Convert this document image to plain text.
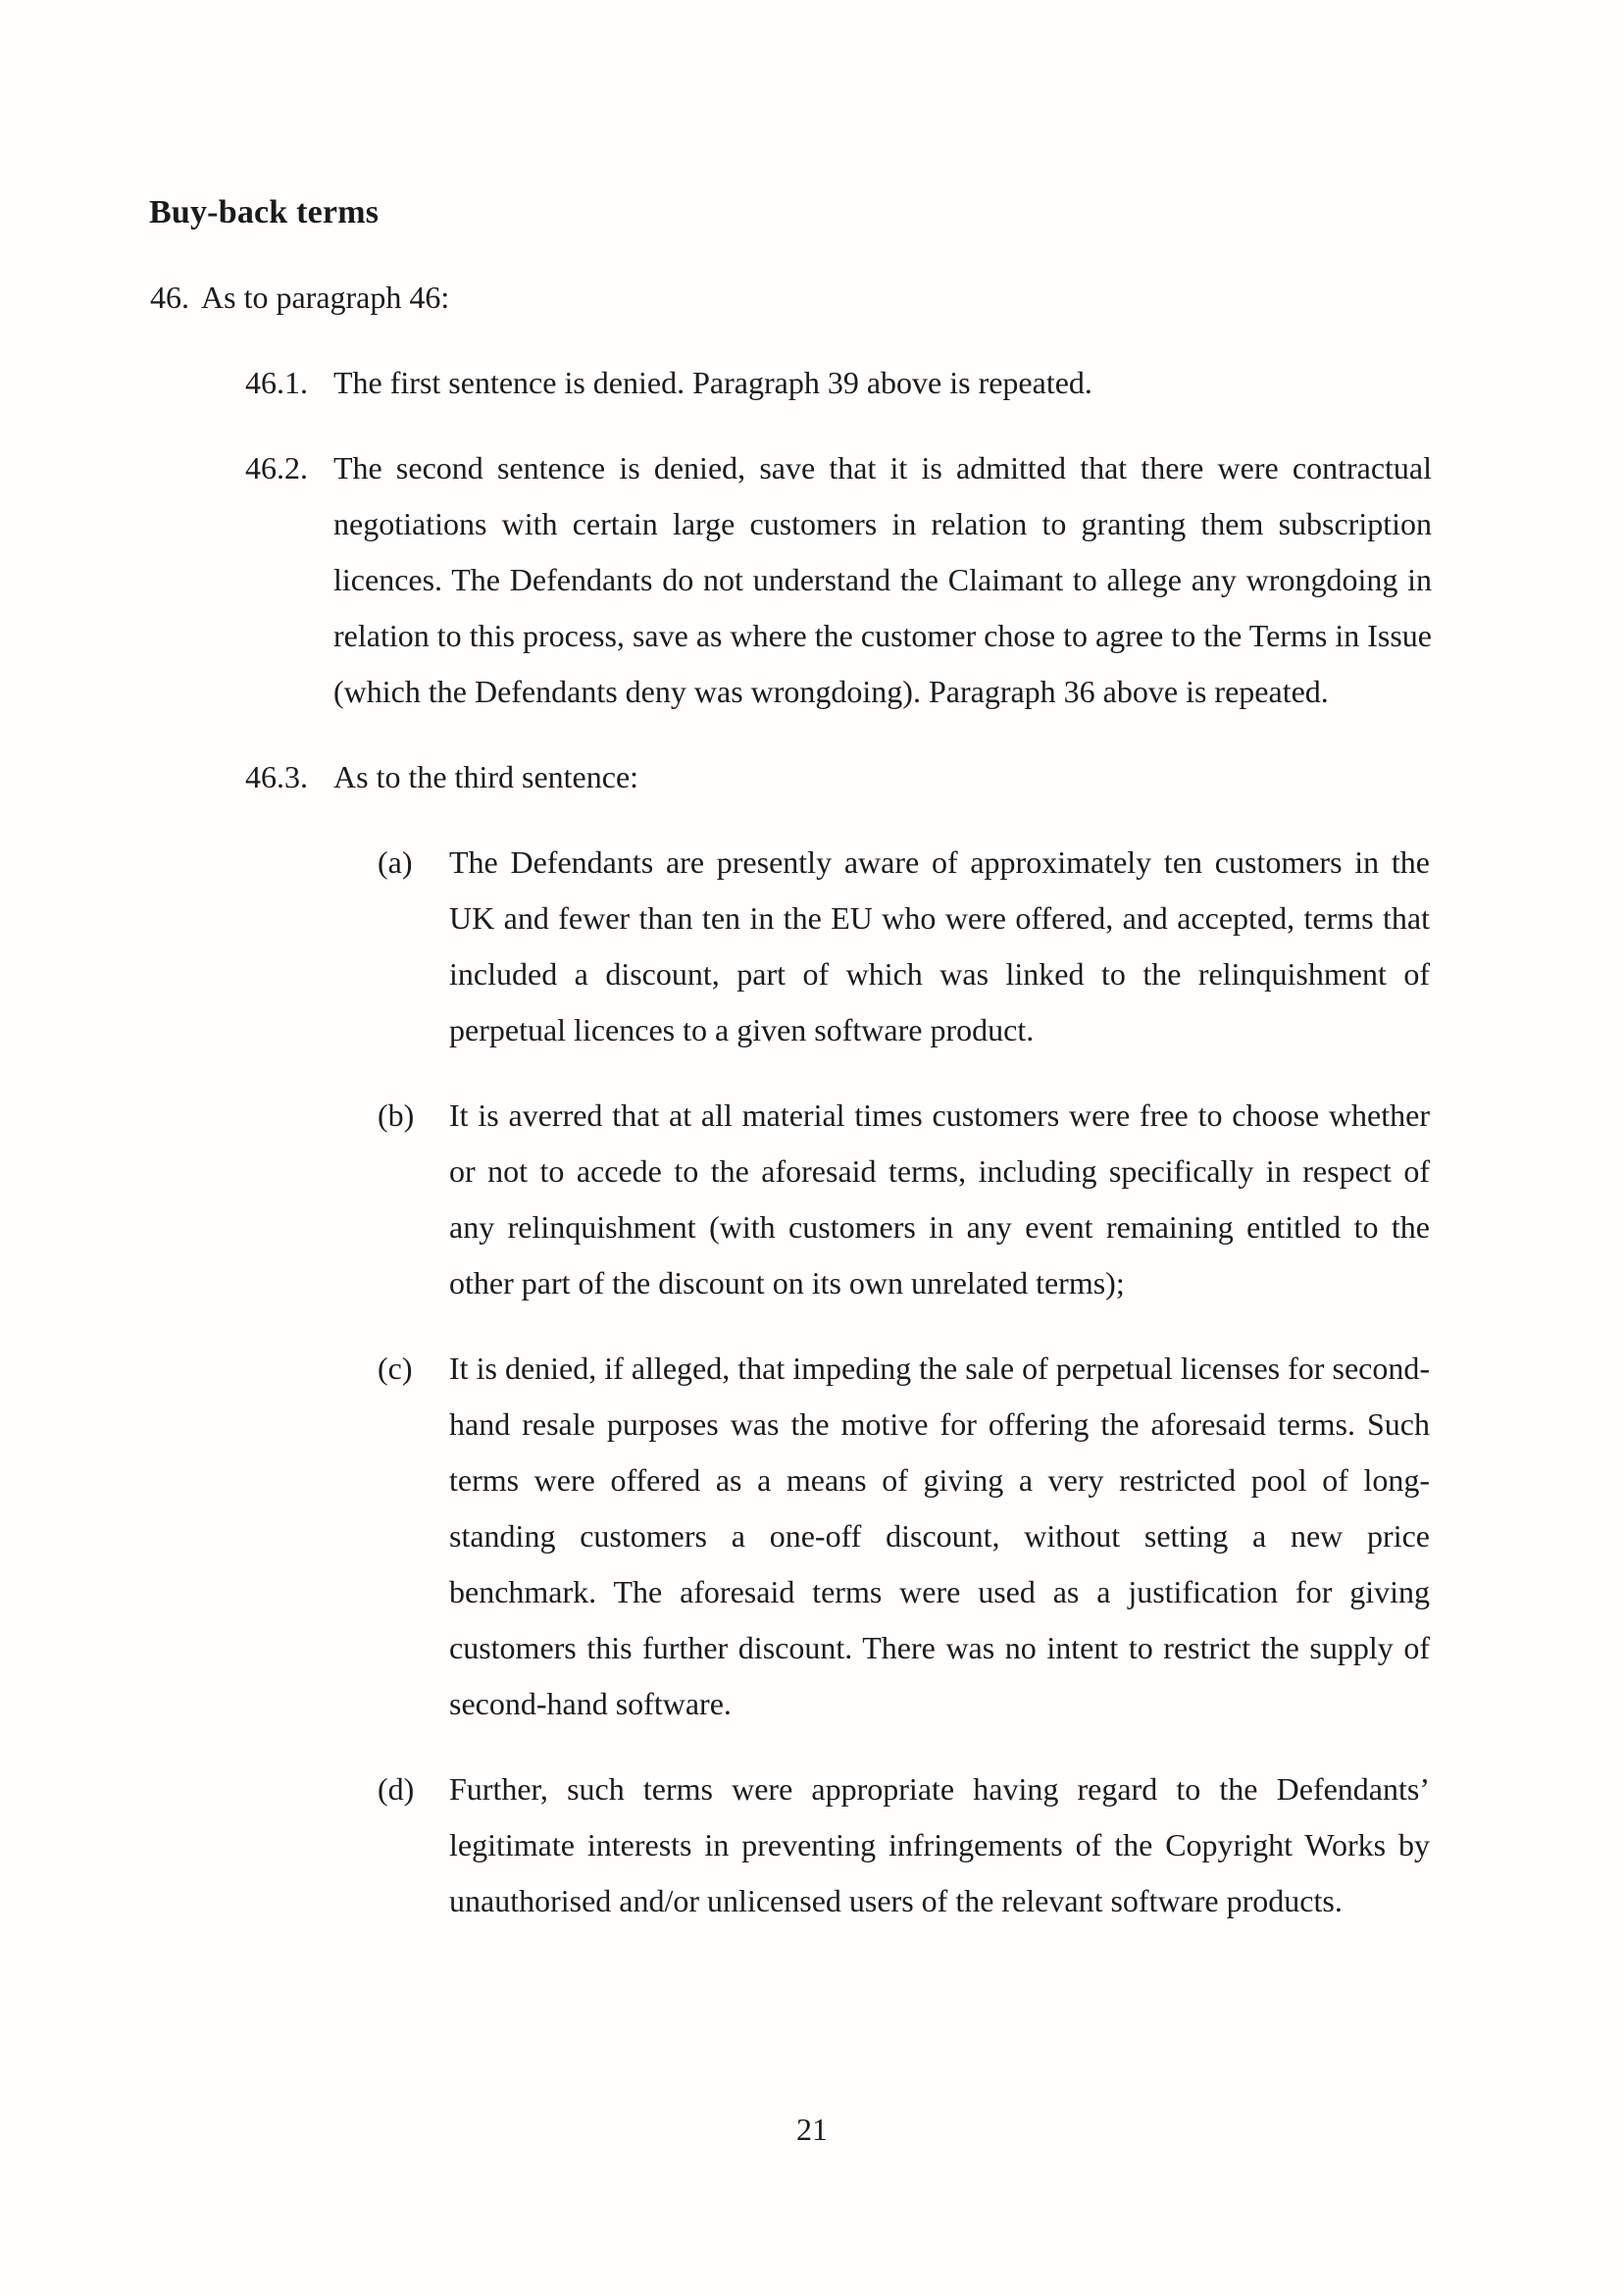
Buy-back terms
46. As to paragraph 46:
46.1. The first sentence is denied. Paragraph 39 above is repeated.
46.2. The second sentence is denied, save that it is admitted that there were contractual negotiations with certain large customers in relation to granting them subscription licences. The Defendants do not understand the Claimant to allege any wrongdoing in relation to this process, save as where the customer chose to agree to the Terms in Issue (which the Defendants deny was wrongdoing). Paragraph 36 above is repeated.
46.3. As to the third sentence:
(a)	The Defendants are presently aware of approximately ten customers in the UK and fewer than ten in the EU who were offered, and accepted, terms that included a discount, part of which was linked to the relinquishment of perpetual licences to a given software product.
(b)	It is averred that at all material times customers were free to choose whether or not to accede to the aforesaid terms, including specifically in respect of any relinquishment (with customers in any event remaining entitled to the other part of the discount on its own unrelated terms);
(c)	It is denied, if alleged, that impeding the sale of perpetual licenses for second-hand resale purposes was the motive for offering the aforesaid terms. Such terms were offered as a means of giving a very restricted pool of long-standing customers a one-off discount, without setting a new price benchmark. The aforesaid terms were used as a justification for giving customers this further discount. There was no intent to restrict the supply of second-hand software.
(d)	Further, such terms were appropriate having regard to the Defendants’ legitimate interests in preventing infringements of the Copyright Works by unauthorised and/or unlicensed users of the relevant software products.
21
